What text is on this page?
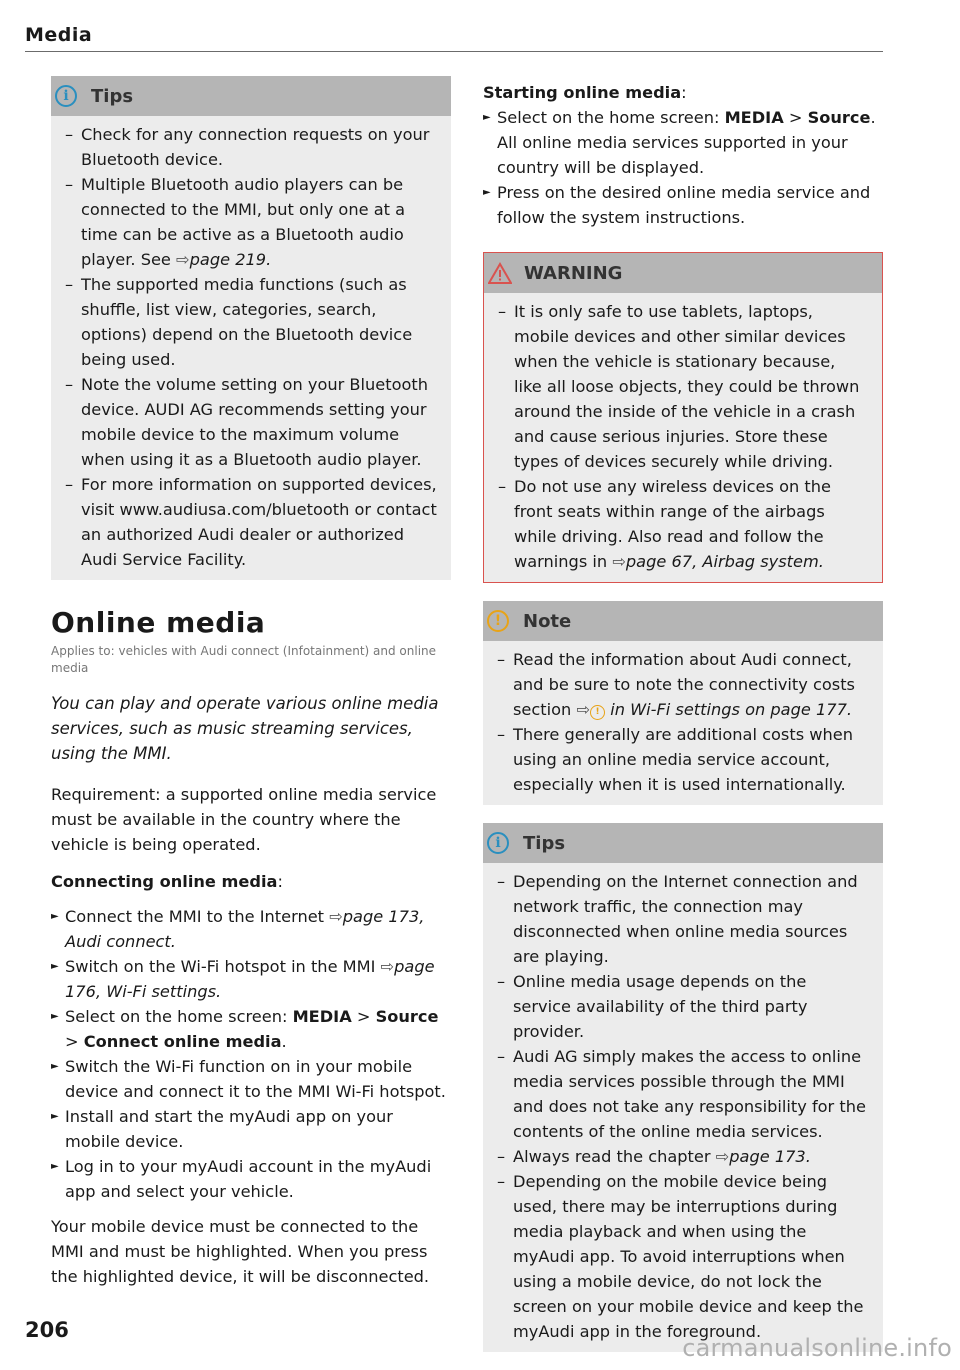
Media
i	Tips
– Check for any connection requests on your Bluetooth device.
– Multiple Bluetooth audio players can be connected to the MMI, but only one at a time can be active as a Bluetooth audio player. See ⇨page 219.
– The supported media functions (such as shuffle, list view, categories, search, options) depend on the Bluetooth device being used.
– Note the volume setting on your Bluetooth device. AUDI AG recommends setting your mobile device to the maximum volume when using it as a Bluetooth audio player.
– For more information on supported devices, visit www.audiusa.com/bluetooth or contact an authorized Audi dealer or authorized Audi Service Facility.
Online media
Applies to: vehicles with Audi connect (Infotainment) and online media
You can play and operate various online media services, such as music streaming services, using the MMI.

Requirement: a supported online media service must be available in the country where the vehicle is being operated.

Connecting online media:
► Connect the MMI to the Internet ⇨page 173, Audi connect.
► Switch on the Wi-Fi hotspot in the MMI ⇨page 176, Wi-Fi settings.
► Select on the home screen: MEDIA > Source > Connect online media.
► Switch the Wi-Fi function on in your mobile device and connect it to the MMI Wi-Fi hotspot.
► Install and start the myAudi app on your mobile device.
► Log in to your myAudi account in the myAudi app and select your vehicle.

Your mobile device must be connected to the MMI and must be highlighted. When you press the highlighted device, it will be disconnected.

Starting online media:
► Select on the home screen: MEDIA > Source. All online media services supported in your country will be displayed.
► Press on the desired online media service and follow the system instructions.
WARNING
– It is only safe to use tablets, laptops, mobile devices and other similar devices when the vehicle is stationary because, like all loose objects, they could be thrown around the inside of the vehicle in a crash and cause serious injuries. Store these types of devices securely while driving.
– Do not use any wireless devices on the front seats within range of the airbags while driving. Also read and follow the warnings in ⇨page 67, Airbag system.
!	Note
– Read the information about Audi connect, and be sure to note the connectivity costs section ⇨ ! in Wi-Fi settings on page 177.
– There generally are additional costs when using an online media service account, especially when it is used internationally.
i	Tips
– Depending on the Internet connection and network traffic, the connection may disconnected when online media sources are playing.
– Online media usage depends on the service availability of the third party provider.
– Audi AG simply makes the access to online media services possible through the MMI and does not take any responsibility for the contents of the online media services.
– Always read the chapter ⇨page 173.
– Depending on the mobile device being used, there may be interruptions during media playback and when using the myAudi app. To avoid interruptions when using a mobile device, do not lock the screen on your mobile device and keep the myAudi app in the foreground.
206
carmanualsonline.info
